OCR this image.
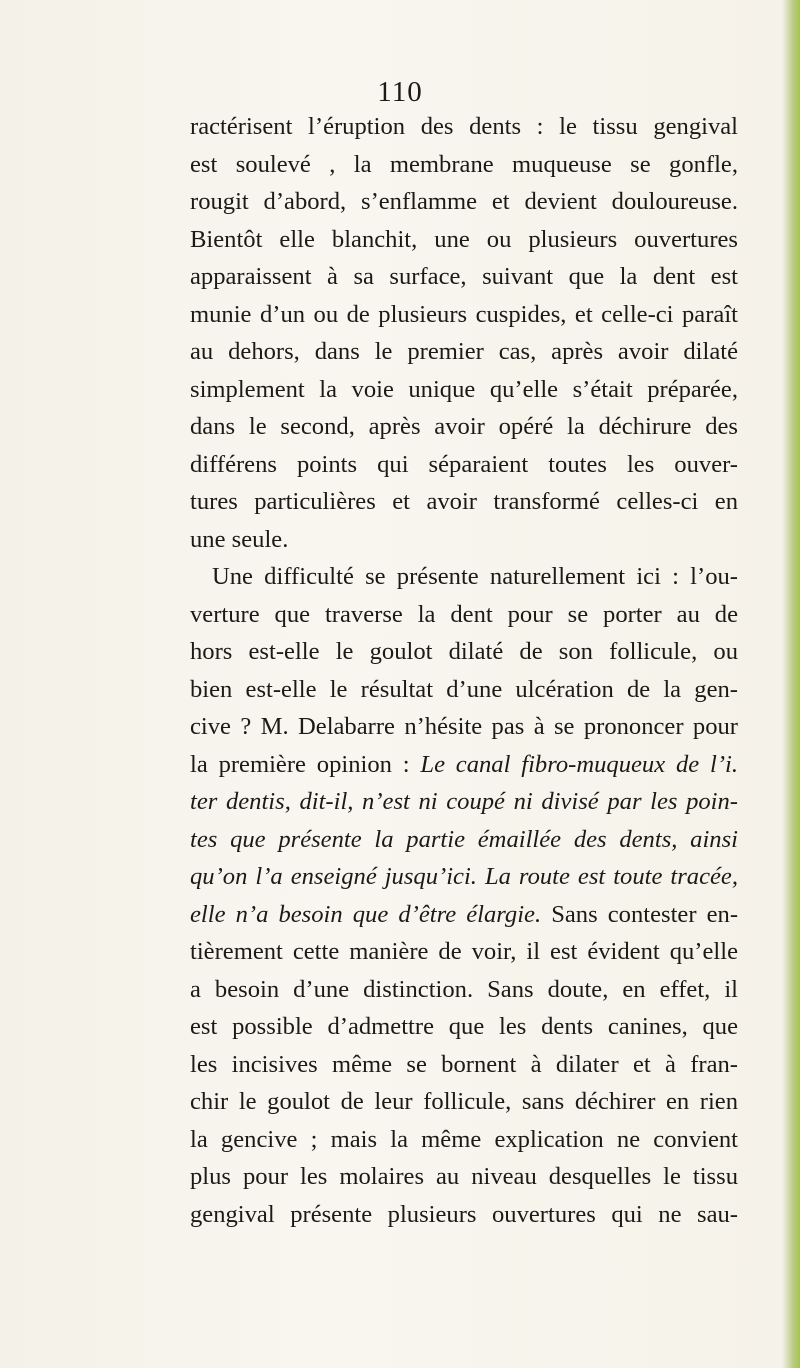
110
ractérisent l’éruption des dents : le tissu gengival
est soulevé , la membrane muqueuse se gonfle,
rougit d’abord, s’enflamme et devient douloureuse.
Bientôt elle blanchit, une ou plusieurs ouvertures
apparaissent à sa surface, suivant que la dent est
munie d’un ou de plusieurs cuspides, et celle-ci paraît
au dehors, dans le premier cas, après avoir dilaté
simplement la voie unique qu’elle s’était préparée,
dans le second, après avoir opéré la déchirure des
différens points qui séparaient toutes les ouver-
tures particulières et avoir transformé celles-ci en
une seule.
Une difficulté se présente naturellement ici : l’ou-
verture que traverse la dent pour se porter au de
hors est-elle le goulot dilaté de son follicule, ou
bien est-elle le résultat d’une ulcération de la gen-
cive ? M. Delabarre n’hésite pas à se prononcer pour
la première opinion : Le canal fibro-muqueux de l’i.
ter dentis, dit-il, n’est ni coupé ni divisé par les poin-
tes que présente la partie émaillée des dents, ainsi
qu’on l’a enseigné jusqu’ici. La route est toute tracée,
elle n’a besoin que d’être élargie. Sans contester en-
tièrement cette manière de voir, il est évident qu’elle
a besoin d’une distinction. Sans doute, en effet, il
est possible d’admettre que les dents canines, que
les incisives même se bornent à dilater et à fran-
chir le goulot de leur follicule, sans déchirer en rien
la gencive ; mais la même explication ne convient
plus pour les molaires au niveau desquelles le tissu
gengival présente plusieurs ouvertures qui ne sau-
